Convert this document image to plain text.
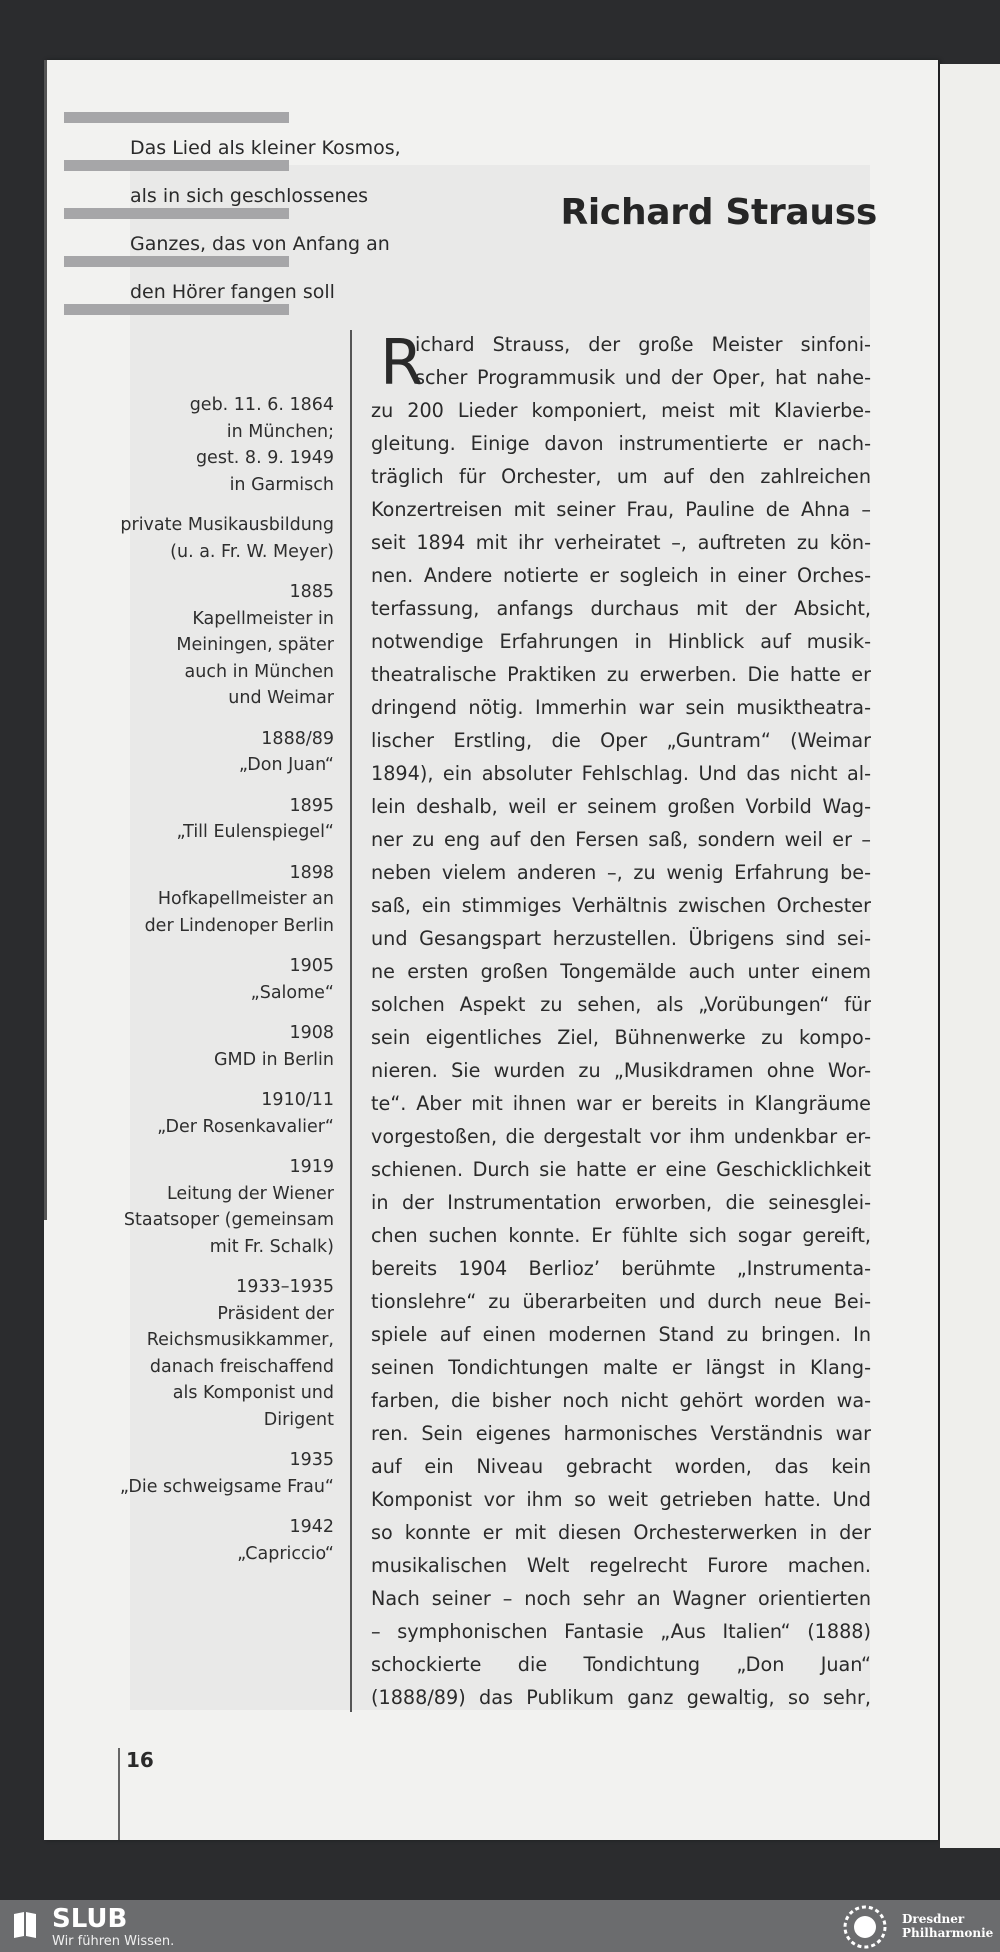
Das Lied als kleiner Kosmos,
als in sich geschlossenes
Ganzes, das von Anfang an
den Hörer fangen soll
Richard Strauss
geb. 11. 6. 1864
in München;
gest. 8. 9. 1949
in Garmisch
private Musikausbildung
(u. a. Fr. W. Meyer)
1885
Kapellmeister in
Meiningen, später
auch in München
und Weimar
1888/89
„Don Juan“
1895
„Till Eulenspiegel“
1898
Hofkapellmeister an
der Lindenoper Berlin
1905
„Salome“
1908
GMD in Berlin
1910/11
„Der Rosenkavalier“
1919
Leitung der Wiener
Staatsoper (gemeinsam
mit Fr. Schalk)
1933–1935
Präsident der
Reichsmusikkammer,
danach freischaffend
als Komponist und
Dirigent
1935
„Die schweigsame Frau“
1942
„Capriccio“
R
ichard Strauss, der große Meister sinfoni-
scher Programmusik und der Oper, hat nahe-
zu 200 Lieder komponiert, meist mit Klavierbe-
gleitung. Einige davon instrumentierte er nach-
träglich für Orchester, um auf den zahlreichen
Konzertreisen mit seiner Frau, Pauline de Ahna –
seit 1894 mit ihr verheiratet –, auftreten zu kön-
nen. Andere notierte er sogleich in einer Orches-
terfassung, anfangs durchaus mit der Absicht,
notwendige Erfahrungen in Hinblick auf musik-
theatralische Praktiken zu erwerben. Die hatte er
dringend nötig. Immerhin war sein musiktheatra-
lischer Erstling, die Oper „Guntram“ (Weimar
1894), ein absoluter Fehlschlag. Und das nicht al-
lein deshalb, weil er seinem großen Vorbild Wag-
ner zu eng auf den Fersen saß, sondern weil er –
neben vielem anderen –, zu wenig Erfahrung be-
saß, ein stimmiges Verhältnis zwischen Orchester
und Gesangspart herzustellen. Übrigens sind sei-
ne ersten großen Tongemälde auch unter einem
solchen Aspekt zu sehen, als „Vorübungen“ für
sein eigentliches Ziel, Bühnenwerke zu kompo-
nieren. Sie wurden zu „Musikdramen ohne Wor-
te“. Aber mit ihnen war er bereits in Klangräume
vorgestoßen, die dergestalt vor ihm undenkbar er-
schienen. Durch sie hatte er eine Geschicklichkeit
in der Instrumentation erworben, die seinesglei-
chen suchen konnte. Er fühlte sich sogar gereift,
bereits 1904 Berlioz’ berühmte „Instrumenta-
tionslehre“ zu überarbeiten und durch neue Bei-
spiele auf einen modernen Stand zu bringen. In
seinen Tondichtungen malte er längst in Klang-
farben, die bisher noch nicht gehört worden wa-
ren. Sein eigenes harmonisches Verständnis war
auf ein Niveau gebracht worden, das kein
Komponist vor ihm so weit getrieben hatte. Und
so konnte er mit diesen Orchesterwerken in der
musikalischen Welt regelrecht Furore machen.
Nach seiner – noch sehr an Wagner orientierten
– symphonischen Fantasie „Aus Italien“ (1888)
schockierte die Tondichtung „Don Juan“
(1888/89) das Publikum ganz gewaltig, so sehr,
16
SLUB
Wir führen Wissen.
Dresdner
Philharmonie
